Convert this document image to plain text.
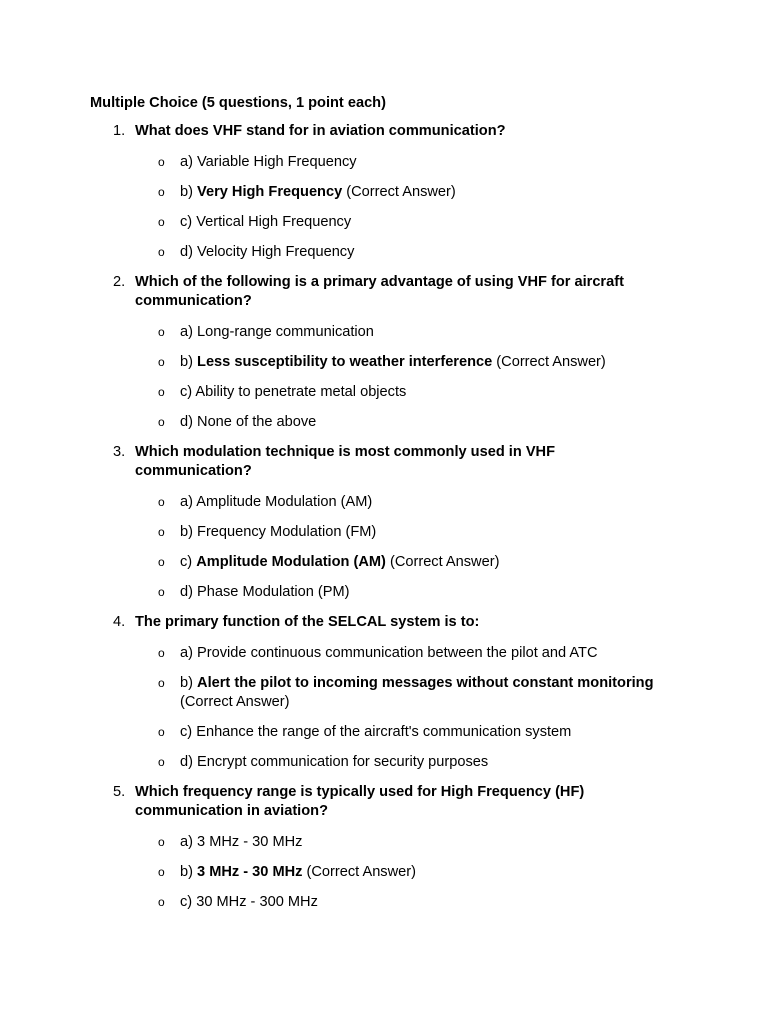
Multiple Choice (5 questions, 1 point each)

1. What does VHF stand for in aviation communication?
o a) Variable High Frequency
o b) Very High Frequency (Correct Answer)
o c) Vertical High Frequency
o d) Velocity High Frequency
2. Which of the following is a primary advantage of using VHF for aircraft communication?
o a) Long-range communication
o b) Less susceptibility to weather interference (Correct Answer)
o c) Ability to penetrate metal objects
o d) None of the above
3. Which modulation technique is most commonly used in VHF communication?
o a) Amplitude Modulation (AM)
o b) Frequency Modulation (FM)
o c) Amplitude Modulation (AM) (Correct Answer)
o d) Phase Modulation (PM)
4. The primary function of the SELCAL system is to:
o a) Provide continuous communication between the pilot and ATC
o b) Alert the pilot to incoming messages without constant monitoring (Correct Answer)
o c) Enhance the range of the aircraft's communication system
o d) Encrypt communication for security purposes
5. Which frequency range is typically used for High Frequency (HF) communication in aviation?
o a) 3 MHz - 30 MHz
o b) 3 MHz - 30 MHz (Correct Answer)
o c) 30 MHz - 300 MHz
